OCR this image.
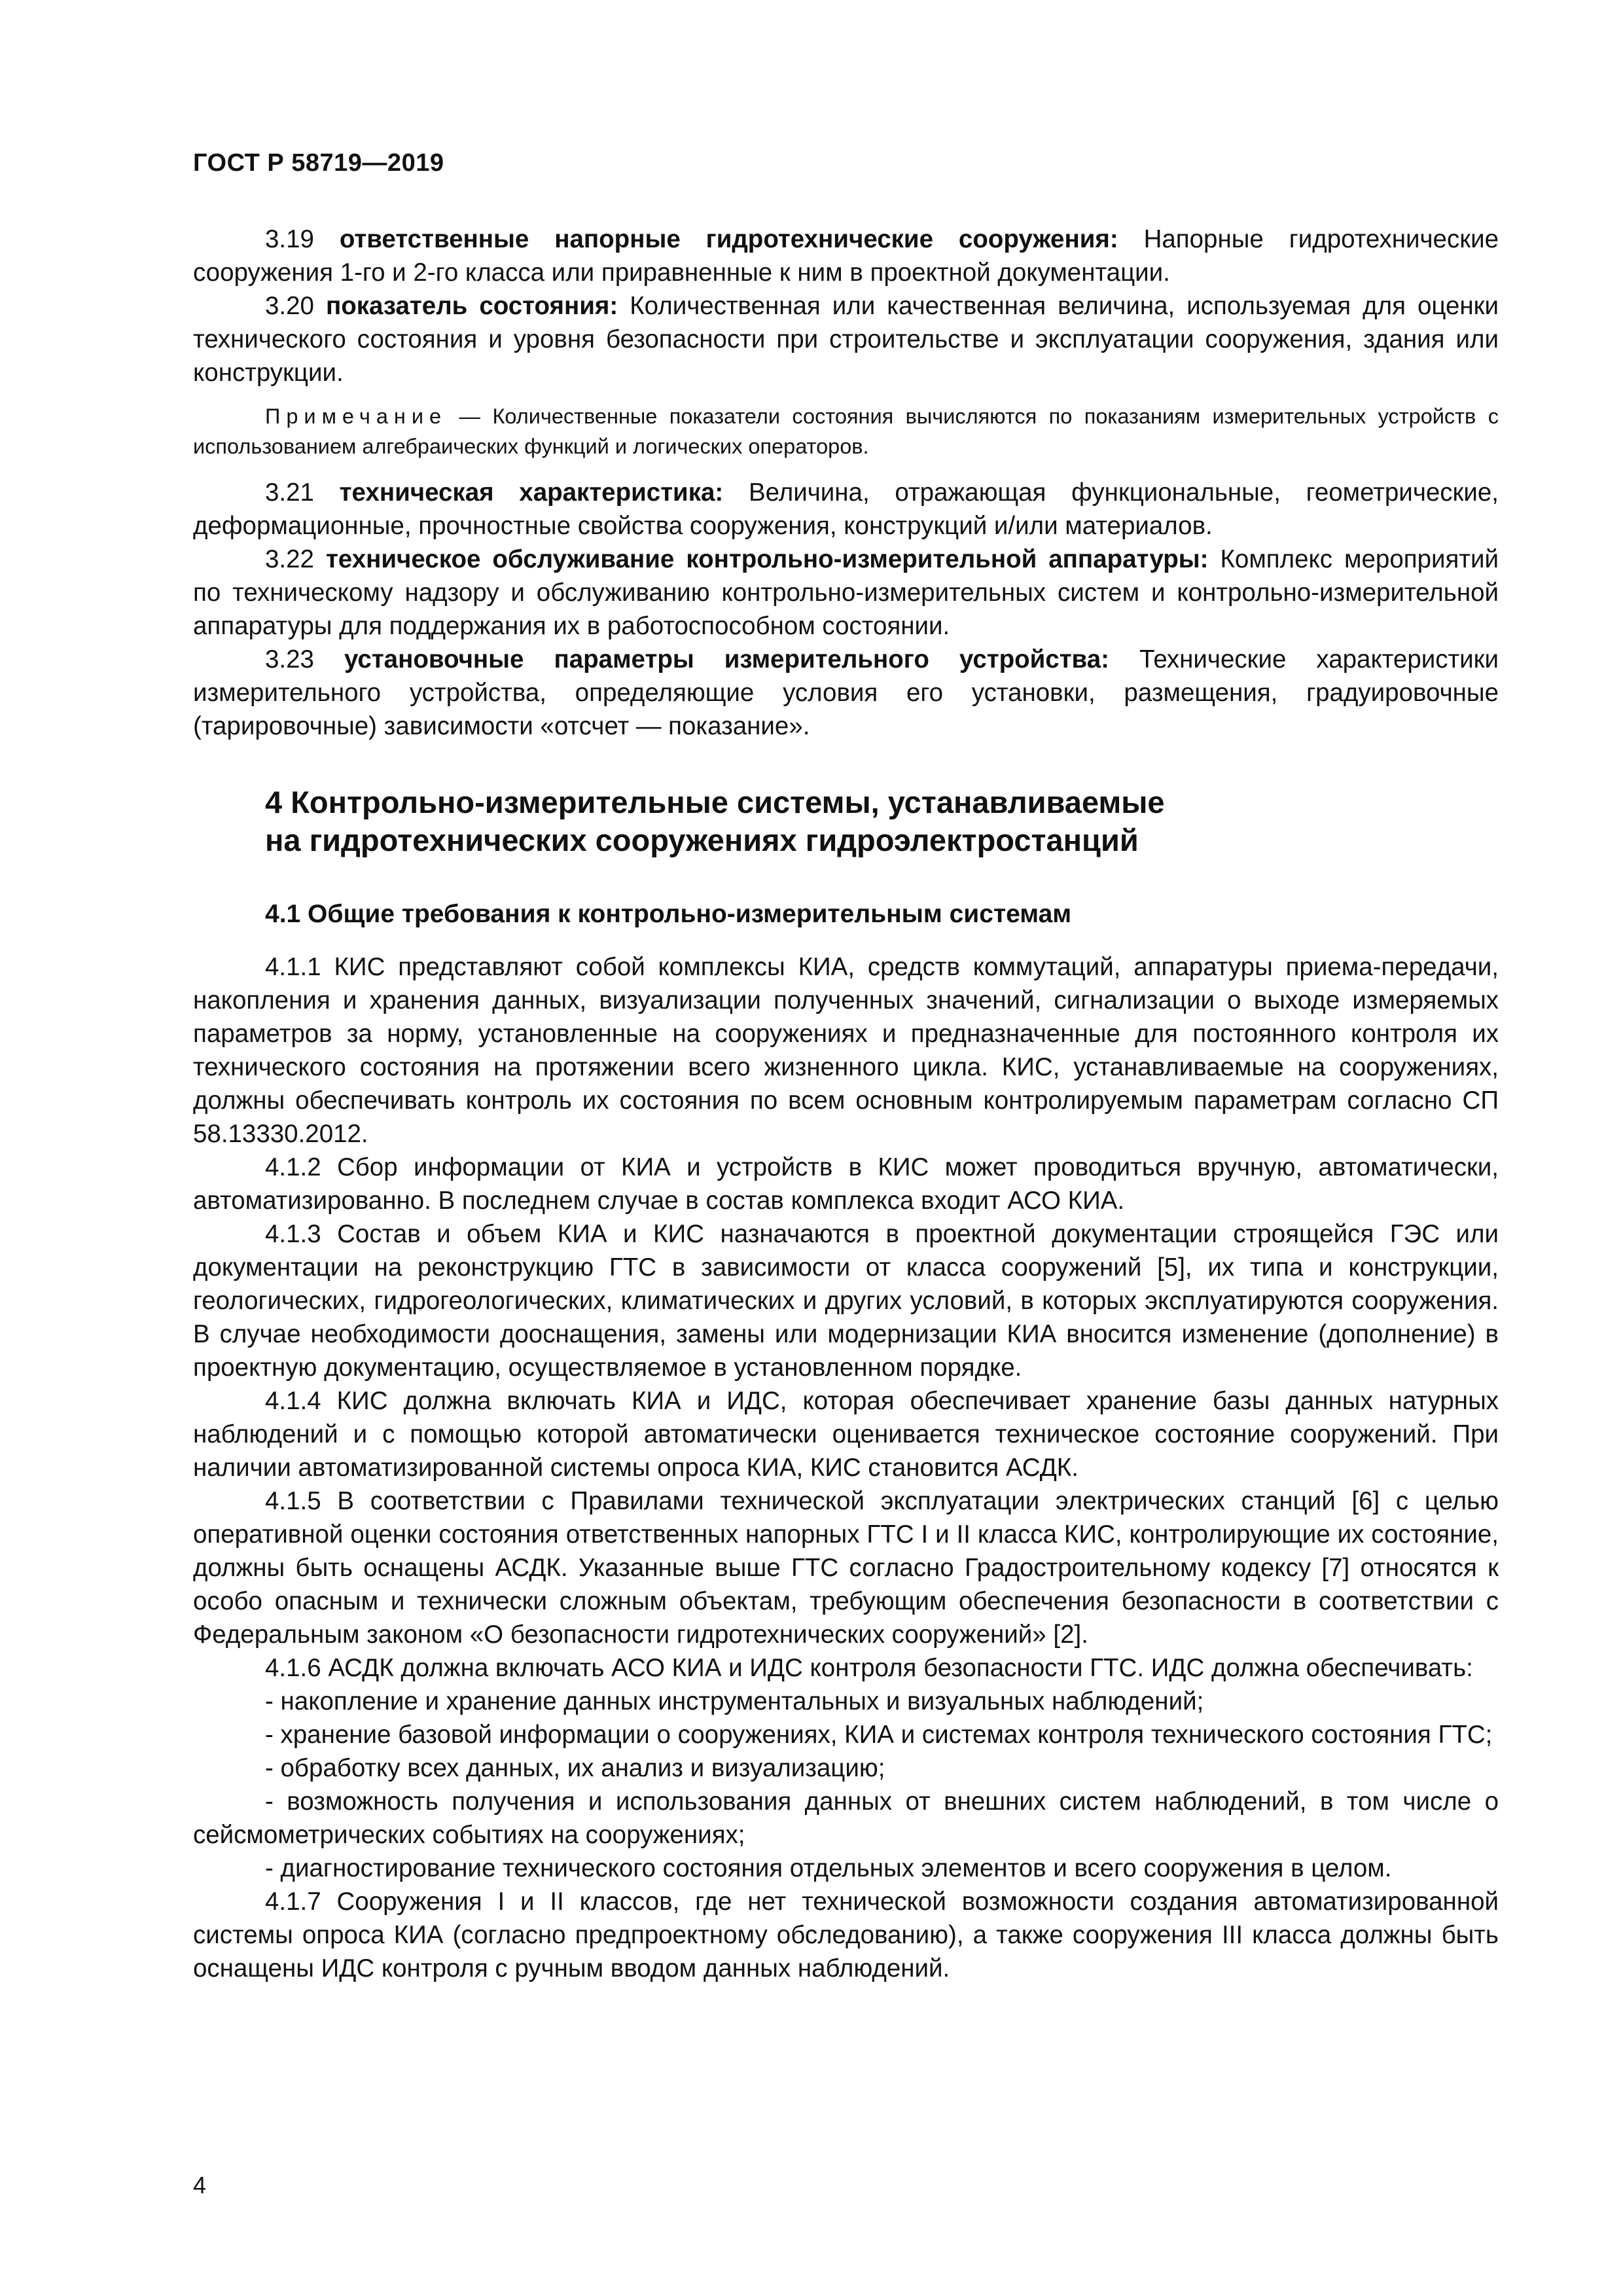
ГОСТ Р 58719—2019

3.19 ответственные напорные гидротехнические сооружения: Напорные гидротехнические сооружения 1-го и 2-го класса или приравненные к ним в проектной документации.

3.20 показатель состояния: Количественная или качественная величина, используемая для оценки технического состояния и уровня безопасности при строительстве и эксплуатации сооружения, здания или конструкции.

Примечание — Количественные показатели состояния вычисляются по показаниям измерительных устройств с использованием алгебраических функций и логических операторов.

3.21 техническая характеристика: Величина, отражающая функциональные, геометрические, деформационные, прочностные свойства сооружения, конструкций и/или материалов.

3.22 техническое обслуживание контрольно-измерительной аппаратуры: Комплекс мероприятий по техническому надзору и обслуживанию контрольно-измерительных систем и контрольно-измерительной аппаратуры для поддержания их в работоспособном состоянии.

3.23 установочные параметры измерительного устройства: Технические характеристики измерительного устройства, определяющие условия его установки, размещения, градуировочные (тарировочные) зависимости «отсчет — показание».

4 Контрольно-измерительные системы, устанавливаемые
на гидротехнических сооружениях гидроэлектростанций
4.1 Общие требования к контрольно-измерительным системам

4.1.1 КИС представляют собой комплексы КИА, средств коммутаций, аппаратуры приема-передачи, накопления и хранения данных, визуализации полученных значений, сигнализации о выходе измеряемых параметров за норму, установленные на сооружениях и предназначенные для постоянного контроля их технического состояния на протяжении всего жизненного цикла. КИС, устанавливаемые на сооружениях, должны обеспечивать контроль их состояния по всем основным контролируемым параметрам согласно СП 58.13330.2012.

4.1.2 Сбор информации от КИА и устройств в КИС может проводиться вручную, автоматически, автоматизированно. В последнем случае в состав комплекса входит АСО КИА.

4.1.3 Состав и объем КИА и КИС назначаются в проектной документации строящейся ГЭС или документации на реконструкцию ГТС в зависимости от класса сооружений [5], их типа и конструкции, геологических, гидрогеологических, климатических и других условий, в которых эксплуатируются сооружения. В случае необходимости дооснащения, замены или модернизации КИА вносится изменение (дополнение) в проектную документацию, осуществляемое в установленном порядке.

4.1.4 КИС должна включать КИА и ИДС, которая обеспечивает хранение базы данных натурных наблюдений и с помощью которой автоматически оценивается техническое состояние сооружений. При наличии автоматизированной системы опроса КИА, КИС становится АСДК.

4.1.5 В соответствии с Правилами технической эксплуатации электрических станций [6] с целью оперативной оценки состояния ответственных напорных ГТС I и II класса КИС, контролирующие их состояние, должны быть оснащены АСДК. Указанные выше ГТС согласно Градостроительному кодексу [7] относятся к особо опасным и технически сложным объектам, требующим обеспечения безопасности в соответствии с Федеральным законом «О безопасности гидротехнических сооружений» [2].

4.1.6 АСДК должна включать АСО КИА и ИДС контроля безопасности ГТС. ИДС должна обеспечивать:

- накопление и хранение данных инструментальных и визуальных наблюдений;

- хранение базовой информации о сооружениях, КИА и системах контроля технического состояния ГТС;

- обработку всех данных, их анализ и визуализацию;

- возможность получения и использования данных от внешних систем наблюдений, в том числе о сейсмометрических событиях на сооружениях;

- диагностирование технического состояния отдельных элементов и всего сооружения в целом.

4.1.7 Сооружения I и II классов, где нет технической возможности создания автоматизированной системы опроса КИА (согласно предпроектному обследованию), а также сооружения III класса должны быть оснащены ИДС контроля с ручным вводом данных наблюдений.

4
